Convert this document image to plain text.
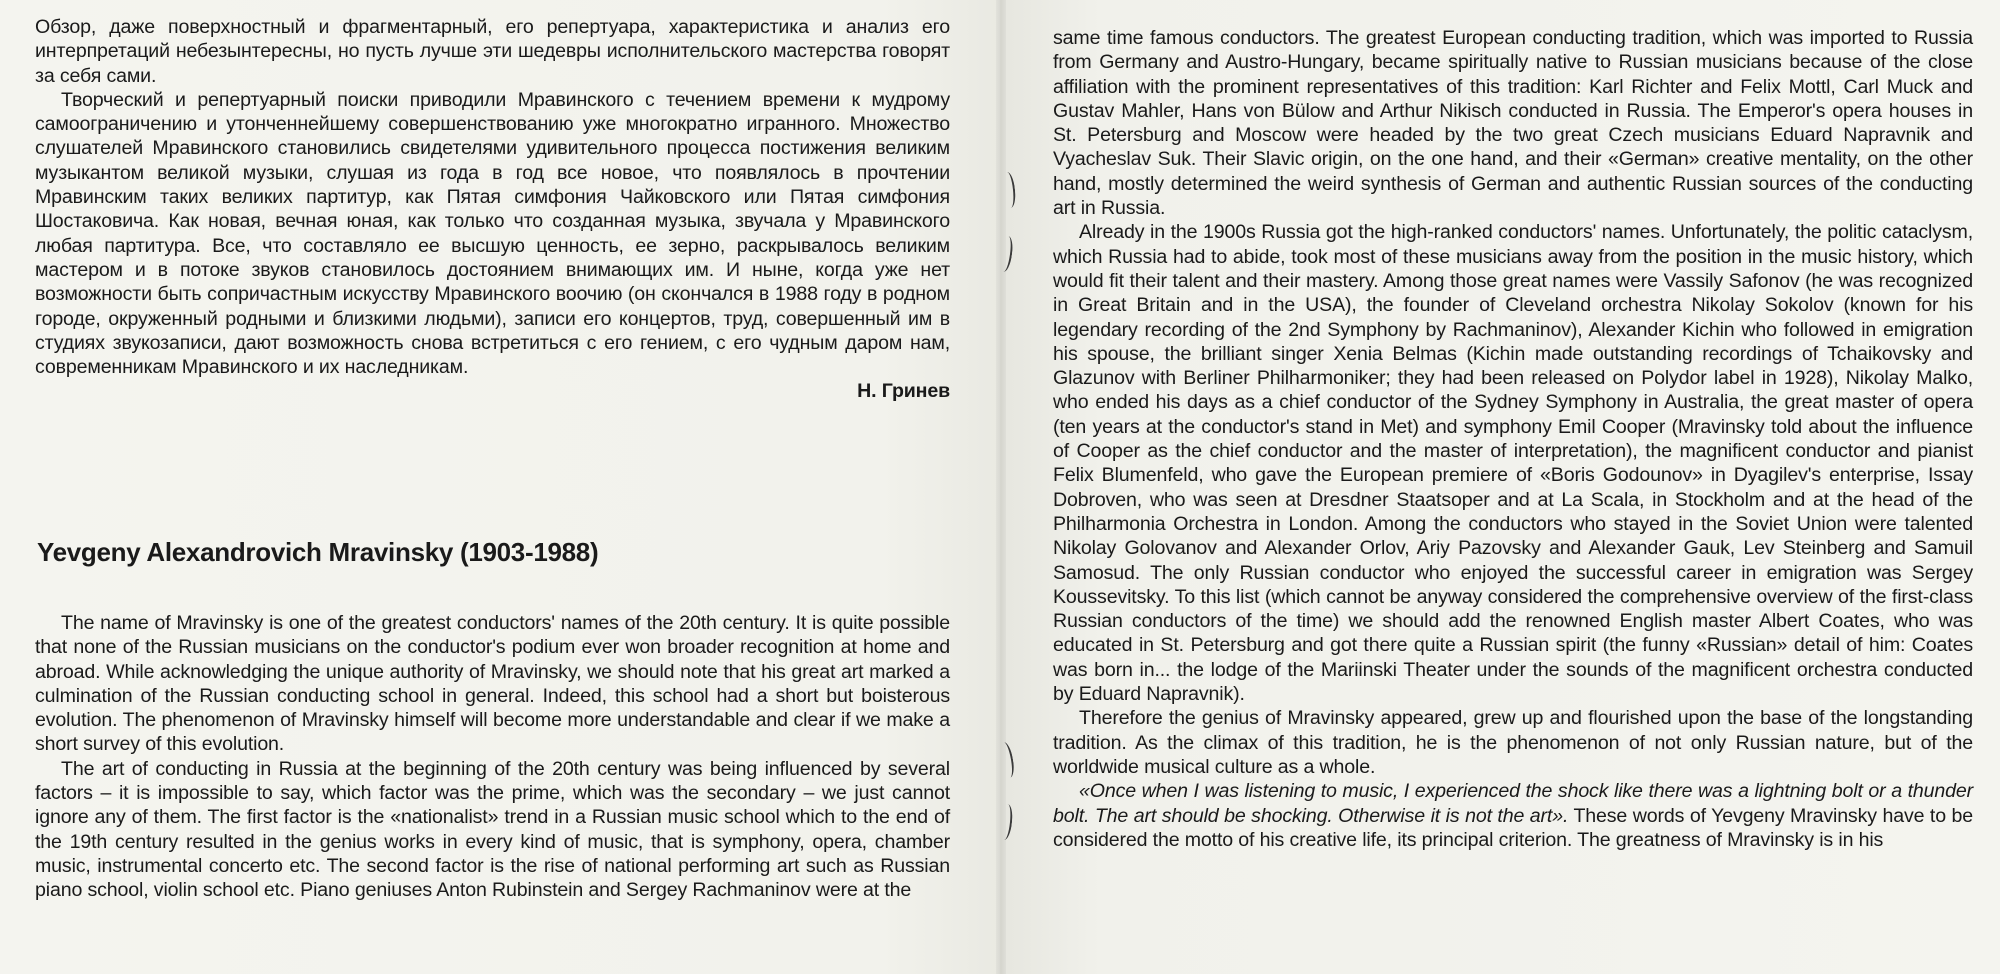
Обзор, даже поверхностный и фрагментарный, его репертуара, характеристика и анализ его интерпретаций небезынтересны, но пусть лучше эти шедевры исполнительского мастерства говорят за себя сами.

Творческий и репертуарный поиски приводили Мравинского с течением времени к мудрому самоограничению и утонченнейшему совершенствованию уже многократно игранного. Множество слушателей Мравинского становились свидетелями удивительного процесса постижения великим музыкантом великой музыки, слушая из года в год все новое, что появлялось в прочтении Мравинским таких великих партитур, как Пятая симфония Чайковского или Пятая симфония Шостаковича. Как новая, вечная юная, как только что созданная музыка, звучала у Мравинского любая партитура. Все, что составляло ее высшую ценность, ее зерно, раскрывалось великим мастером и в потоке звуков становилось достоянием внимающих им. И ныне, когда уже нет возможности быть сопричастным искусству Мравинского воочию (он скончался в 1988 году в родном городе, окруженный родными и близкими людьми), записи его концертов, труд, совершенный им в студиях звукозаписи, дают возможность снова встретиться с его гением, с его чудным даром нам, современникам Мравинского и их наследникам.

Н. Гринев

Yevgeny Alexandrovich Mravinsky (1903-1988)

The name of Mravinsky is one of the greatest conductors' names of the 20th century. It is quite possible that none of the Russian musicians on the conductor's podium ever won broader recognition at home and abroad. While acknowledging the unique authority of Mravinsky, we should note that his great art marked a culmination of the Russian conducting school in general. Indeed, this school had a short but boisterous evolution. The phenomenon of Mravinsky himself will become more understandable and clear if we make a short survey of this evolution.

The art of conducting in Russia at the beginning of the 20th century was being influenced by several factors – it is impossible to say, which factor was the prime, which was the secondary – we just cannot ignore any of them. The first factor is the «nationalist» trend in a Russian music school which to the end of the 19th century resulted in the genius works in every kind of music, that is symphony, opera, chamber music, instrumental concerto etc. The second factor is the rise of national performing art such as Russian piano school, violin school etc. Piano geniuses Anton Rubinstein and Sergey Rachmaninov were at the

same time famous conductors. The greatest European conducting tradition, which was imported to Russia from Germany and Austro-Hungary, became spiritually native to Russian musicians because of the close affiliation with the prominent representatives of this tradition: Karl Richter and Felix Mottl, Carl Muck and Gustav Mahler, Hans von Bülow and Arthur Nikisch conducted in Russia. The Emperor's opera houses in St. Petersburg and Moscow were headed by the two great Czech musicians Eduard Napravnik and Vyacheslav Suk. Their Slavic origin, on the one hand, and their «German» creative mentality, on the other hand, mostly determined the weird synthesis of German and authentic Russian sources of the conducting art in Russia.

Already in the 1900s Russia got the high-ranked conductors' names. Unfortunately, the politic cataclysm, which Russia had to abide, took most of these musicians away from the position in the music history, which would fit their talent and their mastery. Among those great names were Vassily Safonov (he was recognized in Great Britain and in the USA), the founder of Cleveland orchestra Nikolay Sokolov (known for his legendary recording of the 2nd Symphony by Rachmaninov), Alexander Kichin who followed in emigration his spouse, the brilliant singer Xenia Belmas (Kichin made outstanding recordings of Tchaikovsky and Glazunov with Berliner Philharmoniker; they had been released on Polydor label in 1928), Nikolay Malko, who ended his days as a chief conductor of the Sydney Symphony in Australia, the great master of opera (ten years at the conductor's stand in Met) and symphony Emil Cooper (Mravinsky told about the influence of Cooper as the chief conductor and the master of interpretation), the magnificent conductor and pianist Felix Blumenfeld, who gave the European premiere of «Boris Godounov» in Dyagilev's enterprise, Issay Dobroven, who was seen at Dresdner Staatsoper and at La Scala, in Stockholm and at the head of the Philharmonia Orchestra in London. Among the conductors who stayed in the Soviet Union were talented Nikolay Golovanov and Alexander Orlov, Ariy Pazovsky and Alexander Gauk, Lev Steinberg and Samuil Samosud. The only Russian conductor who enjoyed the successful career in emigration was Sergey Koussevitsky. To this list (which cannot be anyway considered the comprehensive overview of the first-class Russian conductors of the time) we should add the renowned English master Albert Coates, who was educated in St. Petersburg and got there quite a Russian spirit (the funny «Russian» detail of him: Coates was born in... the lodge of the Mariinski Theater under the sounds of the magnificent orchestra conducted by Eduard Napravnik).

Therefore the genius of Mravinsky appeared, grew up and flourished upon the base of the longstanding tradition. As the climax of this tradition, he is the phenomenon of not only Russian nature, but of the worldwide musical culture as a whole.

«Once when I was listening to music, I experienced the shock like there was a lightning bolt or a thunder bolt. The art should be shocking. Otherwise it is not the art». These words of Yevgeny Mravinsky have to be considered the motto of his creative life, its principal criterion. The greatness of Mravinsky is in his
